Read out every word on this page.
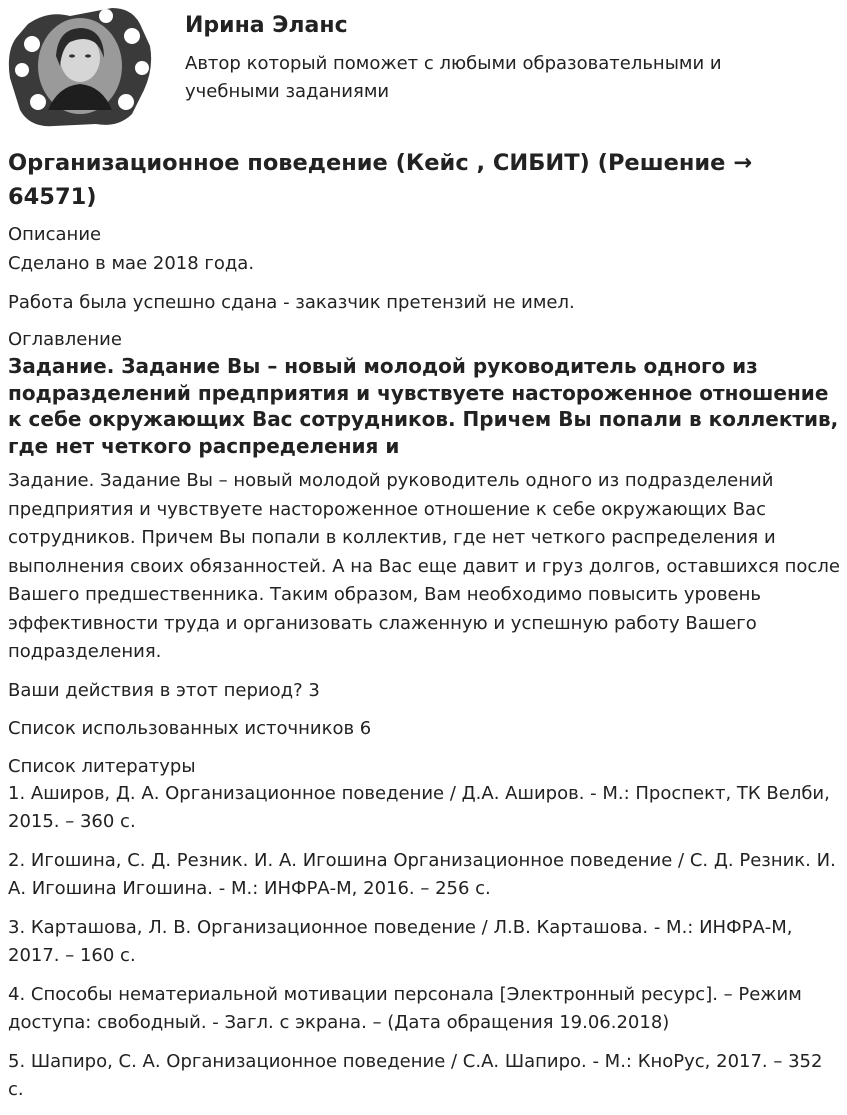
Ирина Эланс
Автор который поможет с любыми образовательными и учебными заданиями
Организационное поведение (Кейс , СИБИТ) (Решение → 64571)
Описание

Сделано в мае 2018 года.

Работа была успешно сдана - заказчик претензий не имел.

Оглавление
Задание. Задание Вы – новый молодой руководитель одного из подразделений предприятия и чувствуете настороженное отношение к себе окружающих Вас сотрудников. Причем Вы попали в коллектив, где нет четкого распределения и

Задание. Задание Вы – новый молодой руководитель одного из подразделений предприятия и чувствуете настороженное отношение к себе окружающих Вас сотрудников. Причем Вы попали в коллектив, где нет четкого распределения и выполнения своих обязанностей. А на Вас еще давит и груз долгов, оставшихся после Вашего предшественника. Таким образом, Вам необходимо повысить уровень эффективности труда и организовать слаженную и успешную работу Вашего подразделения.

Ваши действия в этот период? 3

Список использованных источников 6

Список литературы

1. Аширов, Д. А. Организационное поведение / Д.А. Аширов. - М.: Проспект, ТК Велби, 2015. – 360 с.

2. Игошина, С. Д. Резник. И. А. Игошина Организационное поведение / С. Д. Резник. И. А. Игошина Игошина. - М.: ИНФРА-М, 2016. – 256 с.

3. Карташова, Л. В. Организационное поведение / Л.В. Карташова. - М.: ИНФРА-М, 2017. – 160 с.

4. Способы нематериальной мотивации персонала [Электронный ресурс]. – Режим доступа: свободный. - Загл. с экрана. – (Дата обращения 19.06.2018)

5. Шапиро, С. А. Организационное поведение / С.А. Шапиро. - М.: КноРус, 2017. – 352 с.
